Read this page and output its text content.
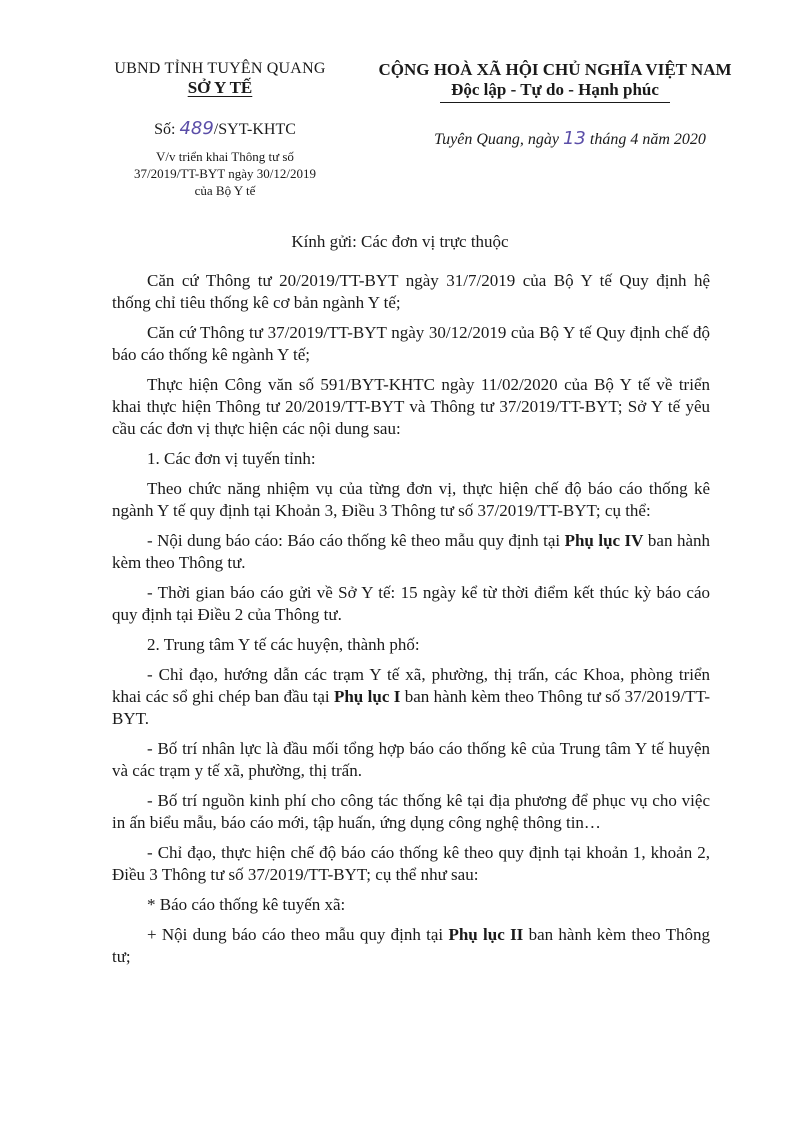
UBND TỈNH TUYÊN QUANG
SỞ Y TẾ
CỘNG HOÀ XÃ HỘI CHỦ NGHĨA VIỆT NAM
Độc lập - Tự do - Hạnh phúc
Số: 489/SYT-KHTC
V/v triển khai Thông tư số
37/2019/TT-BYT ngày 30/12/2019
của Bộ Y tế
Tuyên Quang, ngày 13 tháng 4 năm 2020
Kính gửi: Các đơn vị trực thuộc

Căn cứ Thông tư 20/2019/TT-BYT ngày 31/7/2019 của Bộ Y tế Quy định hệ thống chỉ tiêu thống kê cơ bản ngành Y tế;

Căn cứ Thông tư 37/2019/TT-BYT ngày 30/12/2019 của Bộ Y tế Quy định chế độ báo cáo thống kê ngành Y tế;

Thực hiện Công văn số 591/BYT-KHTC ngày 11/02/2020 của Bộ Y tế về triển khai thực hiện Thông tư 20/2019/TT-BYT và Thông tư 37/2019/TT-BYT; Sở Y tế yêu cầu các đơn vị thực hiện các nội dung sau:

1. Các đơn vị tuyến tỉnh:

Theo chức năng nhiệm vụ của từng đơn vị, thực hiện chế độ báo cáo thống kê ngành Y tế quy định tại Khoản 3, Điều 3 Thông tư số 37/2019/TT-BYT; cụ thể:

- Nội dung báo cáo: Báo cáo thống kê theo mẫu quy định tại Phụ lục IV ban hành kèm theo Thông tư.

- Thời gian báo cáo gửi về Sở Y tế: 15 ngày kể từ thời điểm kết thúc kỳ báo cáo quy định tại Điều 2 của Thông tư.

2. Trung tâm Y tế các huyện, thành phố:

- Chỉ đạo, hướng dẫn các trạm Y tế xã, phường, thị trấn, các Khoa, phòng triển khai các sổ ghi chép ban đầu tại Phụ lục I ban hành kèm theo Thông tư số 37/2019/TT-BYT.

- Bố trí nhân lực là đầu mối tổng hợp báo cáo thống kê của Trung tâm Y tế huyện và các trạm y tế xã, phường, thị trấn.

- Bố trí nguồn kinh phí cho công tác thống kê tại địa phương để phục vụ cho việc in ấn biểu mẫu, báo cáo mới, tập huấn, ứng dụng công nghệ thông tin…

- Chỉ đạo, thực hiện chế độ báo cáo thống kê theo quy định tại khoản 1, khoản 2, Điều 3 Thông tư số 37/2019/TT-BYT; cụ thể như sau:

* Báo cáo thống kê tuyến xã:

+ Nội dung báo cáo theo mẫu quy định tại Phụ lục II ban hành kèm theo Thông tư;
